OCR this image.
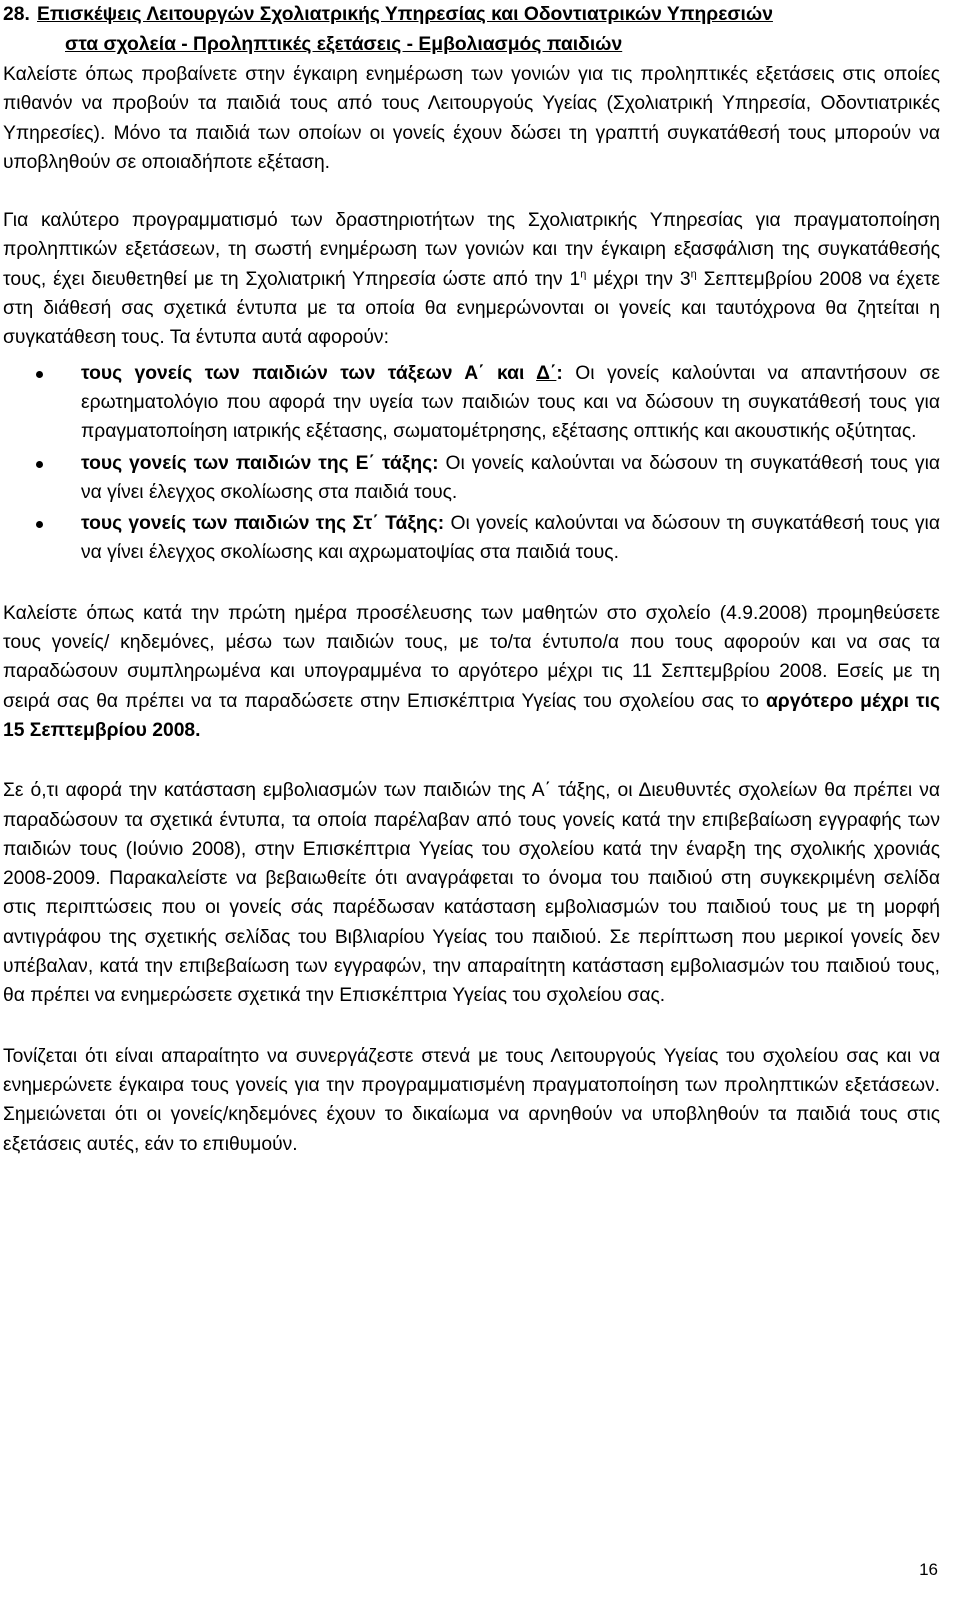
28. Επισκέψεις Λειτουργών Σχολιατρικής Υπηρεσίας και Οδοντιατρικών Υπηρεσιών
στα σχολεία - Προληπτικές εξετάσεις - Εμβολιασμός παιδιών

Καλείστε όπως προβαίνετε στην έγκαιρη ενημέρωση των γονιών για τις προληπτικές εξετάσεις στις οποίες πιθανόν να προβούν τα παιδιά τους από τους Λειτουργούς Υγείας (Σχολιατρική Υπηρεσία, Οδοντιατρικές Υπηρεσίες). Μόνο τα παιδιά των οποίων οι γονείς έχουν δώσει τη γραπτή συγκατάθεσή τους μπορούν να υποβληθούν σε οποιαδήποτε εξέταση.

Για καλύτερο προγραμματισμό των δραστηριοτήτων της Σχολιατρικής Υπηρεσίας για πραγματοποίηση προληπτικών εξετάσεων, τη σωστή ενημέρωση των γονιών και την έγκαιρη εξασφάλιση της συγκατάθεσής τους, έχει διευθετηθεί με τη Σχολιατρική Υπηρεσία ώστε από την $1^\eta$ μέχρι την $3^\eta$ Σεπτεμβρίου 2008 να έχετε στη διάθεσή σας σχετικά έντυπα με τα οποία θα ενημερώνονται οι γονείς και ταυτόχρονα θα ζητείται η συγκατάθεση τους. Τα έντυπα αυτά αφορούν:

τους γονείς των παιδιών των τάξεων Α΄ και Δ΄: Οι γονείς καλούνται να απαντήσουν σε ερωτηματολόγιο που αφορά την υγεία των παιδιών τους και να δώσουν τη συγκατάθεσή τους για πραγματοποίηση ιατρικής εξέτασης, σωματομέτρησης, εξέτασης οπτικής και ακουστικής οξύτητας.
τους γονείς των παιδιών της Ε΄ τάξης: Οι γονείς καλούνται να δώσουν τη συγκατάθεσή τους για να γίνει έλεγχος σκολίωσης στα παιδιά τους.
τους γονείς των παιδιών της Στ΄ Τάξης: Οι γονείς καλούνται να δώσουν τη συγκατάθεσή τους για να γίνει έλεγχος σκολίωσης και αχρωματοψίας στα παιδιά τους.

Καλείστε όπως κατά την πρώτη ημέρα προσέλευσης των μαθητών στο σχολείο (4.9.2008) προμηθεύσετε τους γονείς/ κηδεμόνες, μέσω των παιδιών τους, με το/τα έντυπο/α που τους αφορούν και να σας τα παραδώσουν συμπληρωμένα και υπογραμμένα το αργότερο μέχρι τις 11 Σεπτεμβρίου 2008. Εσείς με τη σειρά σας θα πρέπει να τα παραδώσετε στην Επισκέπτρια Υγείας του σχολείου σας το αργότερο μέχρι τις 15 Σεπτεμβρίου 2008.

Σε ό,τι αφορά την κατάσταση εμβολιασμών των παιδιών της Α΄ τάξης, οι Διευθυντές σχολείων θα πρέπει να παραδώσουν τα σχετικά έντυπα, τα οποία παρέλαβαν από τους γονείς κατά την επιβεβαίωση εγγραφής των παιδιών τους (Ιούνιο 2008), στην Επισκέπτρια Υγείας του σχολείου κατά την έναρξη της σχολικής χρονιάς 2008-2009. Παρακαλείστε να βεβαιωθείτε ότι αναγράφεται το όνομα του παιδιού στη συγκεκριμένη σελίδα στις περιπτώσεις που οι γονείς σάς παρέδωσαν κατάσταση εμβολιασμών του παιδιού τους με τη μορφή αντιγράφου της σχετικής σελίδας του Βιβλιαρίου Υγείας του παιδιού. Σε περίπτωση που μερικοί γονείς δεν υπέβαλαν, κατά την επιβεβαίωση των εγγραφών, την απαραίτητη κατάσταση εμβολιασμών του παιδιού τους, θα πρέπει να ενημερώσετε σχετικά την Επισκέπτρια Υγείας του σχολείου σας.

Τονίζεται ότι είναι απαραίτητο να συνεργάζεστε στενά με τους Λειτουργούς Υγείας του σχολείου σας και να ενημερώνετε έγκαιρα τους γονείς για την προγραμματισμένη πραγματοποίηση των προληπτικών εξετάσεων. Σημειώνεται ότι οι γονείς/κηδεμόνες έχουν το δικαίωμα να αρνηθούν να υποβληθούν τα παιδιά τους στις εξετάσεις αυτές, εάν το επιθυμούν.

16
